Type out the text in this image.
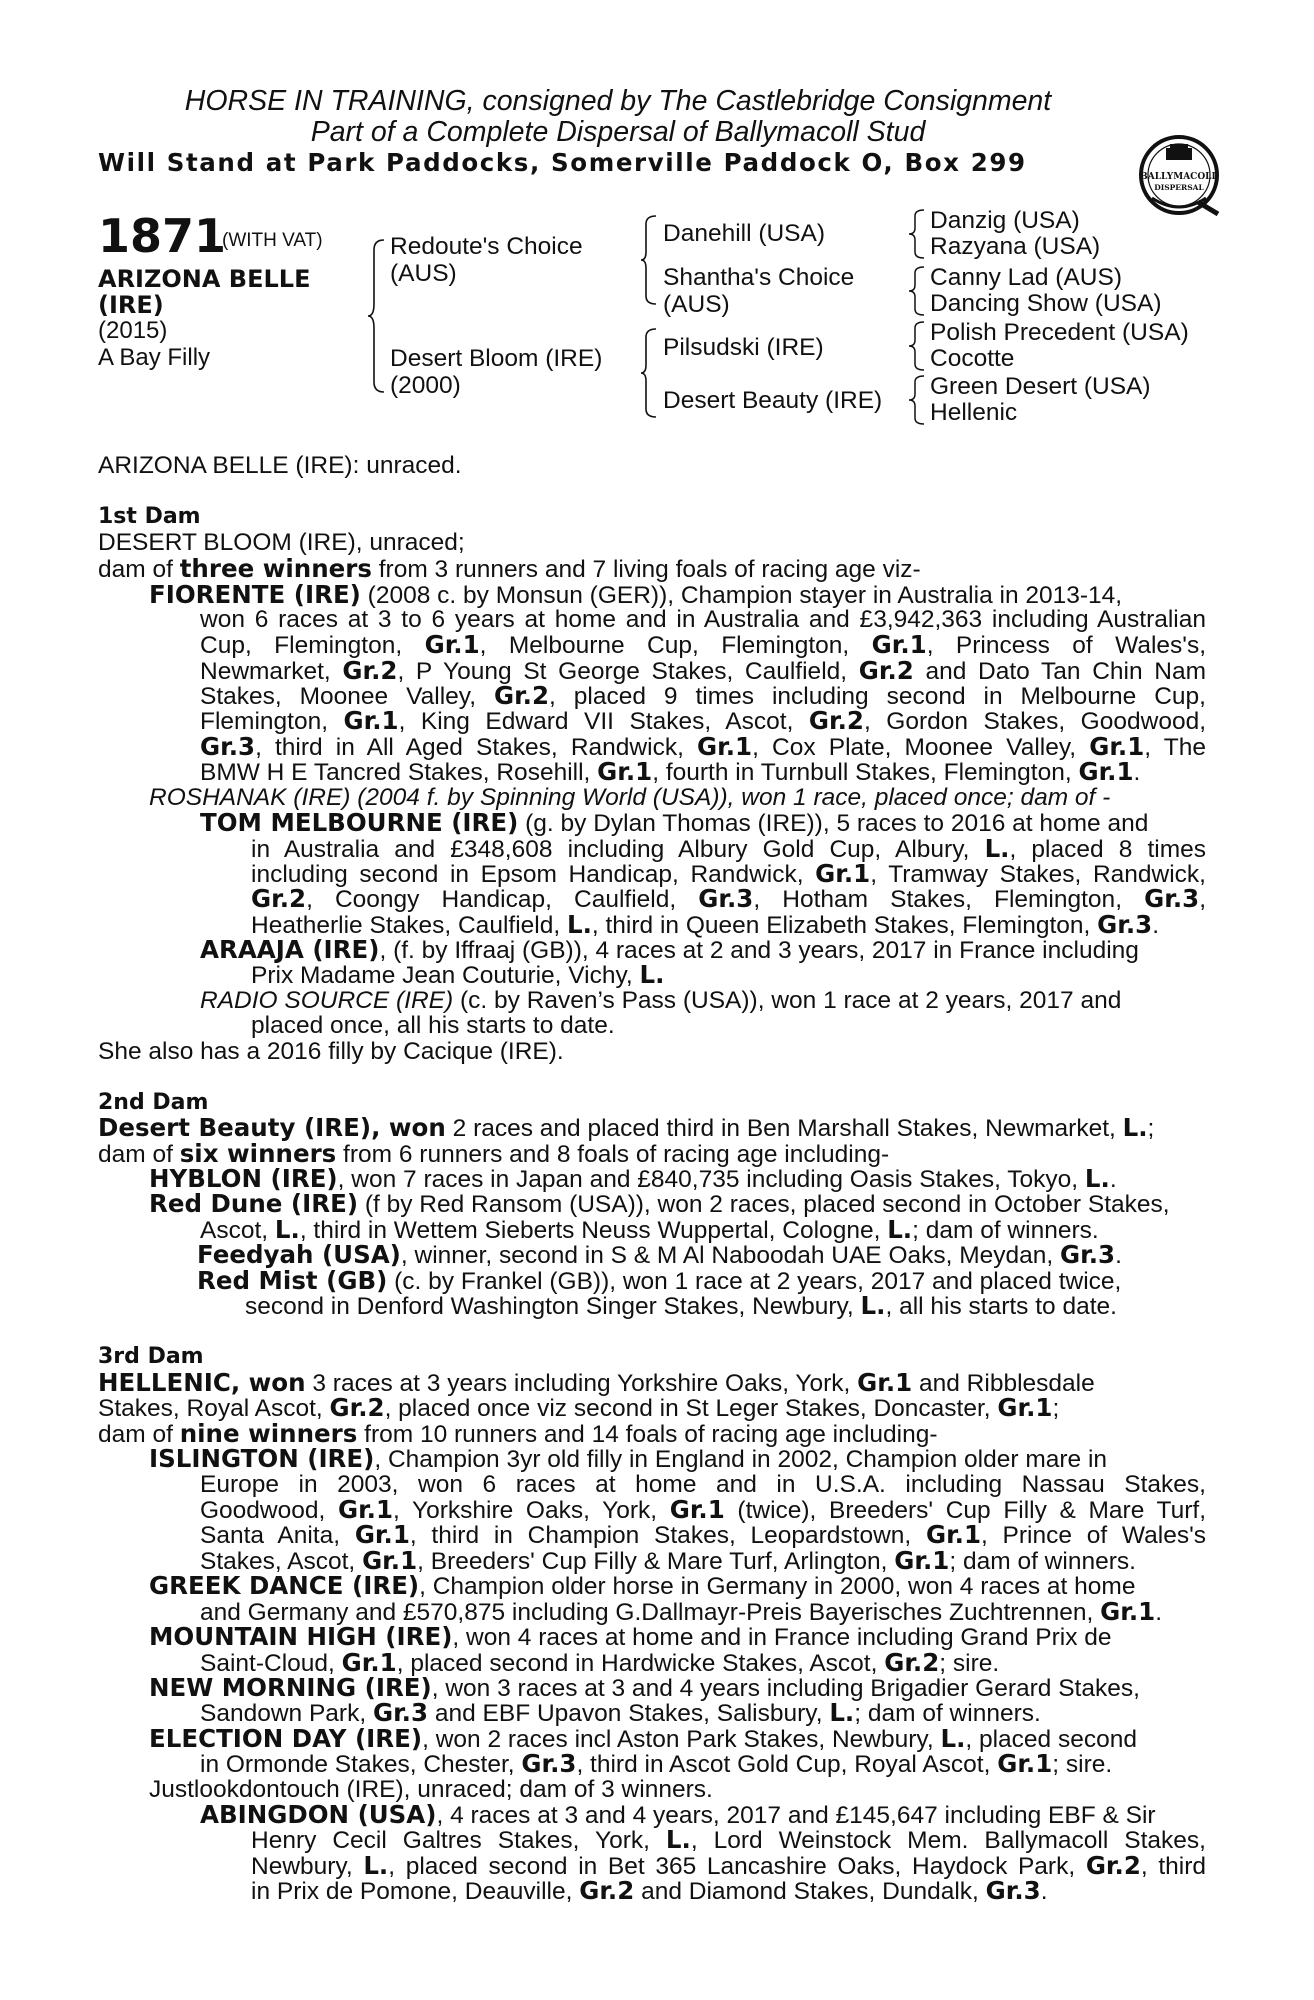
HORSE IN TRAINING, consigned by The Castlebridge Consignment
Part of a Complete Dispersal of Ballymacoll Stud
Will Stand at Park Paddocks, Somerville Paddock O, Box 299	BALLYMACOLL
DISPERSAL
1871
(WITH VAT)
ARIZONA BELLE
(IRE)
(2015)
A Bay Filly
Redoute's Choice
(AUS)
Desert Bloom (IRE)
(2000)
Danehill (USA)
Shantha's Choice
(AUS)
Pilsudski (IRE)
Desert Beauty (IRE)
Danzig (USA)
Razyana (USA)
Canny Lad (AUS)
Dancing Show (USA)
Polish Precedent (USA)
Cocotte
Green Desert (USA)
Hellenic
ARIZONA BELLE (IRE): unraced.
1st Dam
DESERT BLOOM (IRE), unraced;
dam of three winners from 3 runners and 7 living foals of racing age viz-
FIORENTE (IRE) (2008 c. by Monsun (GER)), Champion stayer in Australia in 2013-14,
won 6 races at 3 to 6 years at home and in Australia and £3,942,363 including Australian
Cup, Flemington, Gr.1, Melbourne Cup, Flemington, Gr.1, Princess of Wales's,
Newmarket, Gr.2, P Young St George Stakes, Caulfield, Gr.2 and Dato Tan Chin Nam
Stakes, Moonee Valley, Gr.2, placed 9 times including second in Melbourne Cup,
Flemington, Gr.1, King Edward VII Stakes, Ascot, Gr.2, Gordon Stakes, Goodwood,
Gr.3, third in All Aged Stakes, Randwick, Gr.1, Cox Plate, Moonee Valley, Gr.1, The
BMW H E Tancred Stakes, Rosehill, Gr.1, fourth in Turnbull Stakes, Flemington, Gr.1.
ROSHANAK (IRE) (2004 f. by Spinning World (USA)), won 1 race, placed once; dam of -
TOM MELBOURNE (IRE) (g. by Dylan Thomas (IRE)), 5 races to 2016 at home and
in Australia and £348,608 including Albury Gold Cup, Albury, L., placed 8 times
including second in Epsom Handicap, Randwick, Gr.1, Tramway Stakes, Randwick,
Gr.2, Coongy Handicap, Caulfield, Gr.3, Hotham Stakes, Flemington, Gr.3,
Heatherlie Stakes, Caulfield, L., third in Queen Elizabeth Stakes, Flemington, Gr.3.
ARAAJA (IRE), (f. by Iffraaj (GB)), 4 races at 2 and 3 years, 2017 in France including
Prix Madame Jean Couturie, Vichy, L.
RADIO SOURCE (IRE) (c. by Raven’s Pass (USA)), won 1 race at 2 years, 2017 and
placed once, all his starts to date.
She also has a 2016 filly by Cacique (IRE).
2nd Dam
Desert Beauty (IRE), won 2 races and placed third in Ben Marshall Stakes, Newmarket, L.;
dam of six winners from 6 runners and 8 foals of racing age including-
HYBLON (IRE), won 7 races in Japan and £840,735 including Oasis Stakes, Tokyo, L..
Red Dune (IRE) (f by Red Ransom (USA)), won 2 races, placed second in October Stakes,
Ascot, L., third in Wettem Sieberts Neuss Wuppertal, Cologne, L.; dam of winners.
Feedyah (USA), winner, second in S & M Al Naboodah UAE Oaks, Meydan, Gr.3.
Red Mist (GB) (c. by Frankel (GB)), won 1 race at 2 years, 2017 and placed twice,
second in Denford Washington Singer Stakes, Newbury, L., all his starts to date.
3rd Dam
HELLENIC, won 3 races at 3 years including Yorkshire Oaks, York, Gr.1 and Ribblesdale
Stakes, Royal Ascot, Gr.2, placed once viz second in St Leger Stakes, Doncaster, Gr.1;
dam of nine winners from 10 runners and 14 foals of racing age including-
ISLINGTON (IRE), Champion 3yr old filly in England in 2002, Champion older mare in
Europe in 2003, won 6 races at home and in U.S.A. including Nassau Stakes,
Goodwood, Gr.1, Yorkshire Oaks, York, Gr.1 (twice), Breeders' Cup Filly & Mare Turf,
Santa Anita, Gr.1, third in Champion Stakes, Leopardstown, Gr.1, Prince of Wales's
Stakes, Ascot, Gr.1, Breeders' Cup Filly & Mare Turf, Arlington, Gr.1; dam of winners.
GREEK DANCE (IRE), Champion older horse in Germany in 2000, won 4 races at home
and Germany and £570,875 including G.Dallmayr-Preis Bayerisches Zuchtrennen, Gr.1.
MOUNTAIN HIGH (IRE), won 4 races at home and in France including Grand Prix de
Saint-Cloud, Gr.1, placed second in Hardwicke Stakes, Ascot, Gr.2; sire.
NEW MORNING (IRE), won 3 races at 3 and 4 years including Brigadier Gerard Stakes,
Sandown Park, Gr.3 and EBF Upavon Stakes, Salisbury, L.; dam of winners.
ELECTION DAY (IRE), won 2 races incl Aston Park Stakes, Newbury, L., placed second
in Ormonde Stakes, Chester, Gr.3, third in Ascot Gold Cup, Royal Ascot, Gr.1; sire.
Justlookdontouch (IRE), unraced; dam of 3 winners.
ABINGDON (USA), 4 races at 3 and 4 years, 2017 and £145,647 including EBF & Sir
Henry Cecil Galtres Stakes, York, L., Lord Weinstock Mem. Ballymacoll Stakes,
Newbury, L., placed second in Bet 365 Lancashire Oaks, Haydock Park, Gr.2, third
in Prix de Pomone, Deauville, Gr.2 and Diamond Stakes, Dundalk, Gr.3.
